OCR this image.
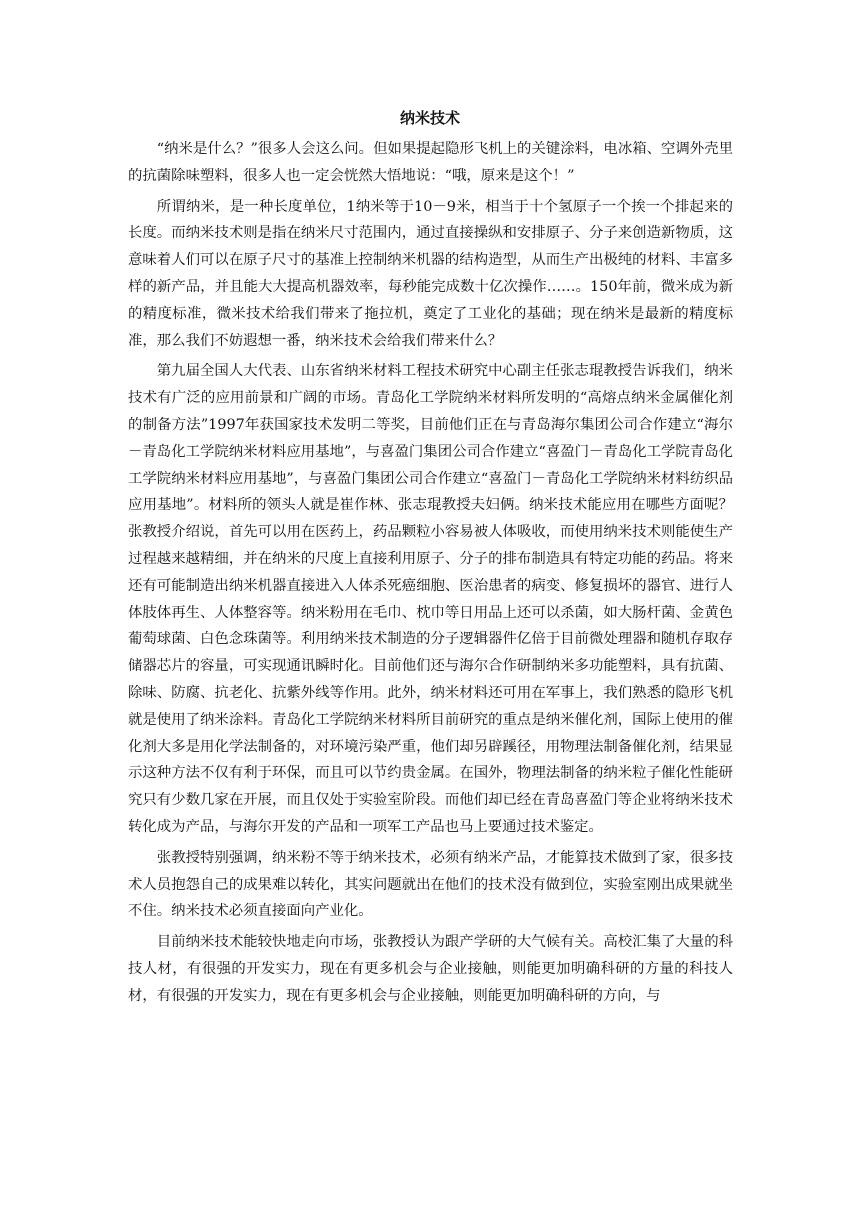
纳米技术

“纳米是什么？”很多人会这么问。但如果提起隐形飞机上的关键涂料，电冰箱、空调外壳里的抗菌除味塑料，很多人也一定会恍然大悟地说：“哦，原来是这个！”

所谓纳米，是一种长度单位，1纳米等于10－9米，相当于十个氢原子一个挨一个排起来的长度。而纳米技术则是指在纳米尺寸范围内，通过直接操纵和安排原子、分子来创造新物质，这意味着人们可以在原子尺寸的基准上控制纳米机器的结构造型，从而生产出极纯的材料、丰富多样的新产品，并且能大大提高机器效率，每秒能完成数十亿次操作……。150年前，微米成为新的精度标准，微米技术给我们带来了拖拉机，奠定了工业化的基础；现在纳米是最新的精度标准，那么我们不妨遐想一番，纳米技术会给我们带来什么？

第九届全国人大代表、山东省纳米材料工程技术研究中心副主任张志琨教授告诉我们，纳米技术有广泛的应用前景和广阔的市场。青岛化工学院纳米材料所发明的“高熔点纳米金属催化剂的制备方法”1997年获国家技术发明二等奖，目前他们正在与青岛海尔集团公司合作建立“海尔－青岛化工学院纳米材料应用基地”，与喜盈门集团公司合作建立“喜盈门－青岛化工学院青岛化工学院纳米材料应用基地”，与喜盈门集团公司合作建立“喜盈门－青岛化工学院纳米材料纺织品应用基地”。材料所的领头人就是崔作林、张志琨教授夫妇俩。纳米技术能应用在哪些方面呢？张教授介绍说，首先可以用在医药上，药品颗粒小容易被人体吸收，而使用纳米技术则能使生产过程越来越精细，并在纳米的尺度上直接利用原子、分子的排布制造具有特定功能的药品。将来还有可能制造出纳米机器直接进入人体杀死癌细胞、医治患者的病变、修复损坏的器官、进行人体肢体再生、人体整容等。纳米粉用在毛巾、枕巾等日用品上还可以杀菌，如大肠杆菌、金黄色葡萄球菌、白色念珠菌等。利用纳米技术制造的分子逻辑器件亿倍于目前微处理器和随机存取存储器芯片的容量，可实现通讯瞬时化。目前他们还与海尔合作研制纳米多功能塑料，具有抗菌、除味、防腐、抗老化、抗紫外线等作用。此外，纳米材料还可用在军事上，我们熟悉的隐形飞机就是使用了纳米涂料。青岛化工学院纳米材料所目前研究的重点是纳米催化剂，国际上使用的催化剂大多是用化学法制备的，对环境污染严重，他们却另辟蹊径，用物理法制备催化剂，结果显示这种方法不仅有利于环保，而且可以节约贵金属。在国外，物理法制备的纳米粒子催化性能研究只有少数几家在开展，而且仅处于实验室阶段。而他们却已经在青岛喜盈门等企业将纳米技术转化成为产品，与海尔开发的产品和一项军工产品也马上要通过技术鉴定。

张教授特别强调，纳米粉不等于纳米技术，必须有纳米产品，才能算技术做到了家，很多技术人员抱怨自己的成果难以转化，其实问题就出在他们的技术没有做到位，实验室刚出成果就坐不住。纳米技术必须直接面向产业化。

目前纳米技术能较快地走向市场，张教授认为跟产学研的大气候有关。高校汇集了大量的科技人材，有很强的开发实力，现在有更多机会与企业接触，则能更加明确科研的方量的科技人材，有很强的开发实力，现在有更多机会与企业接触，则能更加明确科研的方向，与
